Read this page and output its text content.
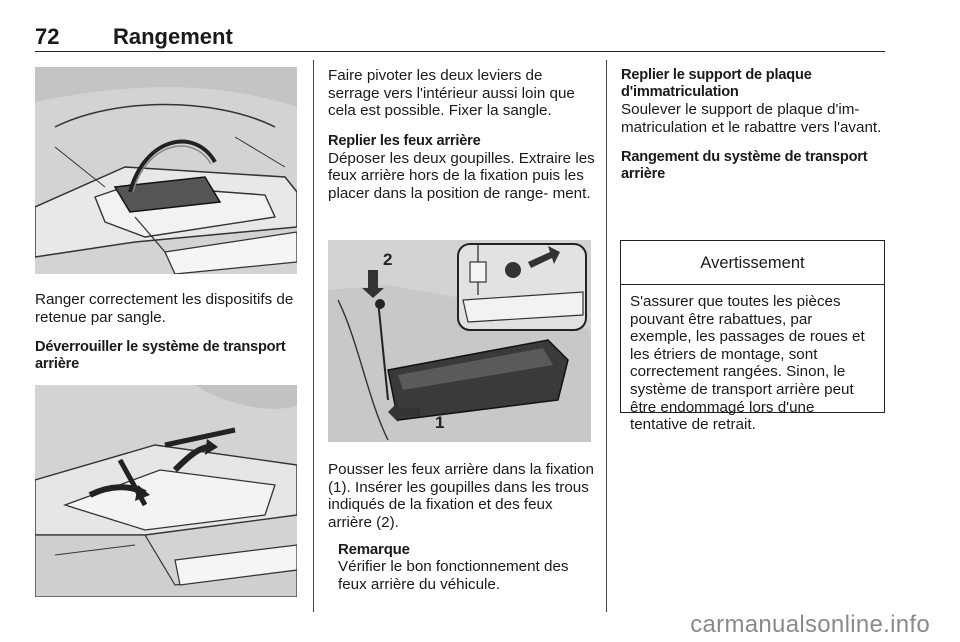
72 Rangement

Ranger correctement les dispositifs de retenue par sangle.

Déverrouiller le système de transport arrière

Faire pivoter les deux leviers de serrage vers l'intérieur aussi loin que cela est possible. Fixer la sangle.

Replier les feux arrière

Déposer les deux goupilles. Extraire les feux arrière hors de la fixation puis les placer dans la position de range- ment.

2
1

Pousser les feux arrière dans la fixation (1). Insérer les goupilles dans les trous indiqués de la fixation et des feux arrière (2).

Remarque

Vérifier le bon fonctionnement des feux arrière du véhicule.

Replier le support de plaque d'immatriculation

Soulever le support de plaque d'im- matriculation et le rabattre vers l'avant.

Rangement du système de transport arrière

Avertissement
S'assurer que toutes les pièces pouvant être rabattues, par exemple, les passages de roues et les étriers de montage, sont correctement rangées. Sinon, le système de transport arrière peut être endommagé lors d'une tentative de retrait.
carmanualsonline.info
